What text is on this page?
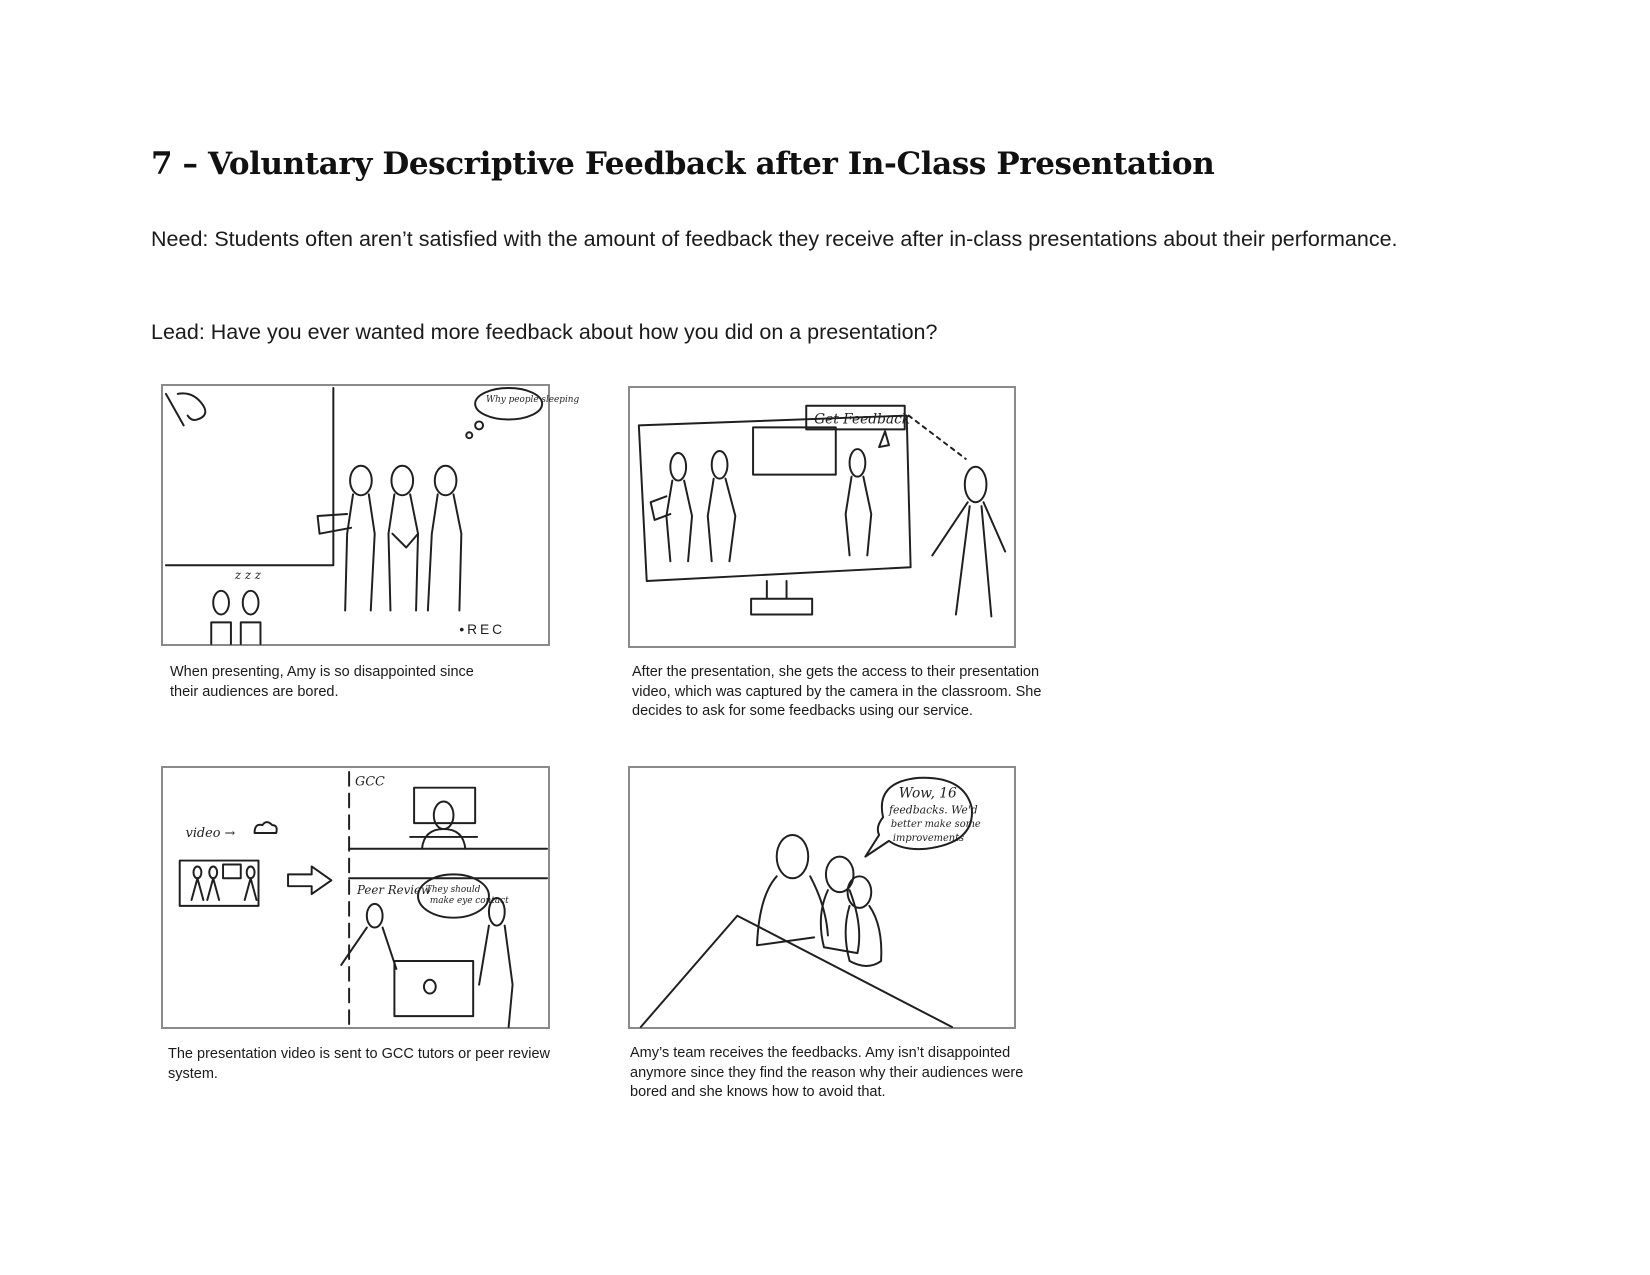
7 – Voluntary Descriptive Feedback after In-Class Presentation

Need: Students often aren’t satisfied with the amount of feedback they receive after in-class presentations about their performance.

Lead: Have you ever wanted more feedback about how you did on a presentation?

Why people sleeping
z z z
•REC

When presenting, Amy is so disappointed since their audiences are bored.

Get Feedback

After the presentation, she gets the access to their presentation video, which was captured by the camera in the classroom. She decides to ask for some feedbacks using our service.

video →
GCC
Peer Review
They should
make eye contact

The presentation video is sent to GCC tutors or peer review system.

Wow, 16
feedbacks. We'd
better make some
improvements

Amy’s team receives the feedbacks. Amy isn’t disappointed anymore since they find the reason why their audiences were bored and she knows how to avoid that.
